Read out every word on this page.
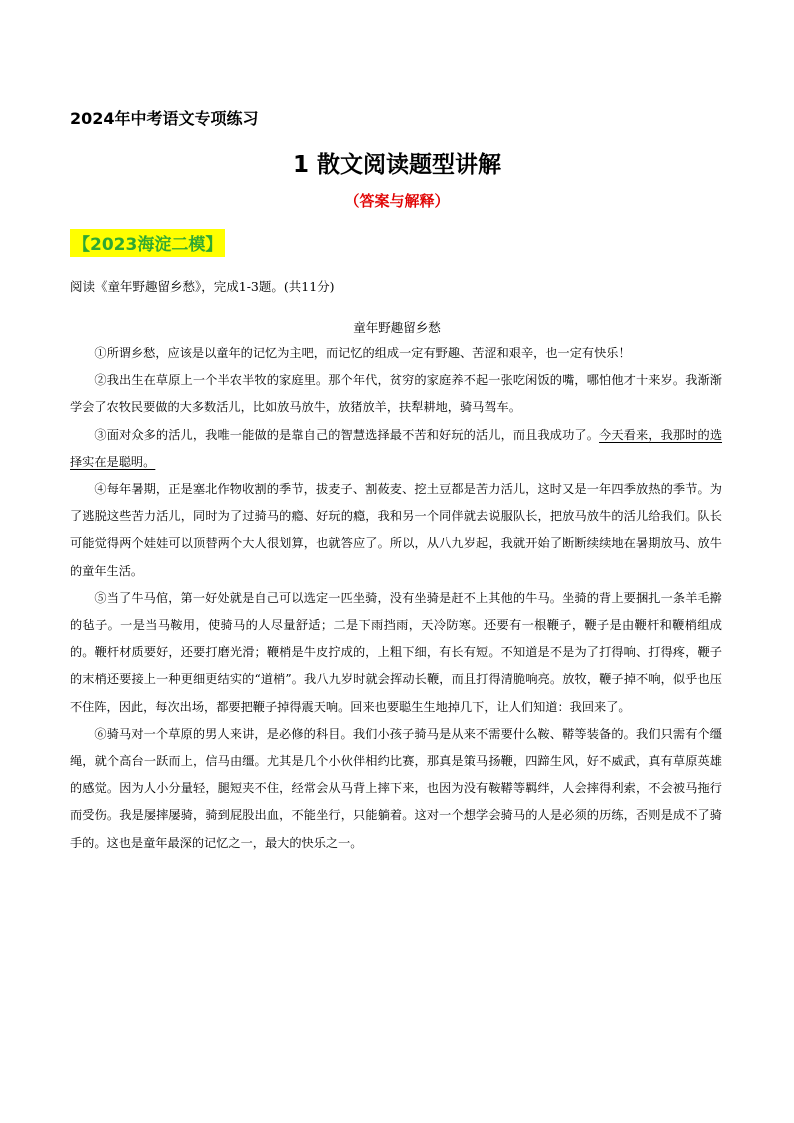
2024年中考语文专项练习
1 散文阅读题型讲解
（答案与解释）
【2023海淀二模】
阅读《童年野趣留乡愁》，完成1-3题。(共11分)
童年野趣留乡愁

①所谓乡愁，应该是以童年的记忆为主吧，而记忆的组成一定有野趣、苦涩和艰辛，也一定有快乐！

②我出生在草原上一个半农半牧的家庭里。那个年代，贫穷的家庭养不起一张吃闲饭的嘴，哪怕他才十来岁。我渐渐学会了农牧民要做的大多数活儿，比如放马放牛，放猪放羊，扶犁耕地，骑马驾车。

③面对众多的活儿，我唯一能做的是靠自己的智慧选择最不苦和好玩的活儿，而且我成功了。今天看来，我那时的选择实在是聪明。

④每年暑期，正是塞北作物收割的季节，拔麦子、割莜麦、挖土豆都是苦力活儿，这时又是一年四季放热的季节。为了逃脱这些苦力活儿，同时为了过骑马的瘾、好玩的瘾，我和另一个同伴就去说服队长，把放马放牛的活儿给我们。队长可能觉得两个娃娃可以顶替两个大人很划算，也就答应了。所以，从八九岁起，我就开始了断断续续地在暑期放马、放牛的童年生活。

⑤当了牛马倌，第一好处就是自己可以选定一匹坐骑，没有坐骑是赶不上其他的牛马。坐骑的背上要捆扎一条羊毛擀的毡子。一是当马鞍用，使骑马的人尽量舒适；二是下雨挡雨，天冷防寒。还要有一根鞭子，鞭子是由鞭杆和鞭梢组成的。鞭杆材质要好，还要打磨光滑；鞭梢是牛皮拧成的，上粗下细，有长有短。不知道是不是为了打得响、打得疼，鞭子的末梢还要接上一种更细更结实的“道梢”。我八九岁时就会挥动长鞭，而且打得清脆响亮。放牧，鞭子掉不响，似乎也压不住阵，因此，每次出场，都要把鞭子掉得震天响。回来也要聪生生地掉几下，让人们知道：我回来了。

⑥骑马对一个草原的男人来讲，是必修的科目。我们小孩子骑马是从来不需要什么鞍、鞯等装备的。我们只需有个缰绳，就个高台一跃而上，信马由缰。尤其是几个小伙伴相约比赛，那真是策马扬鞭，四蹄生风，好不威武，真有草原英雄的感觉。因为人小分量轻，腿短夹不住，经常会从马背上摔下来，也因为没有鞍鞯等羁绊，人会摔得利索，不会被马拖行而受伤。我是屡摔屡骑，骑到屁股出血，不能坐行，只能躺着。这对一个想学会骑马的人是必须的历练，否则是成不了骑手的。这也是童年最深的记忆之一，最大的快乐之一。
